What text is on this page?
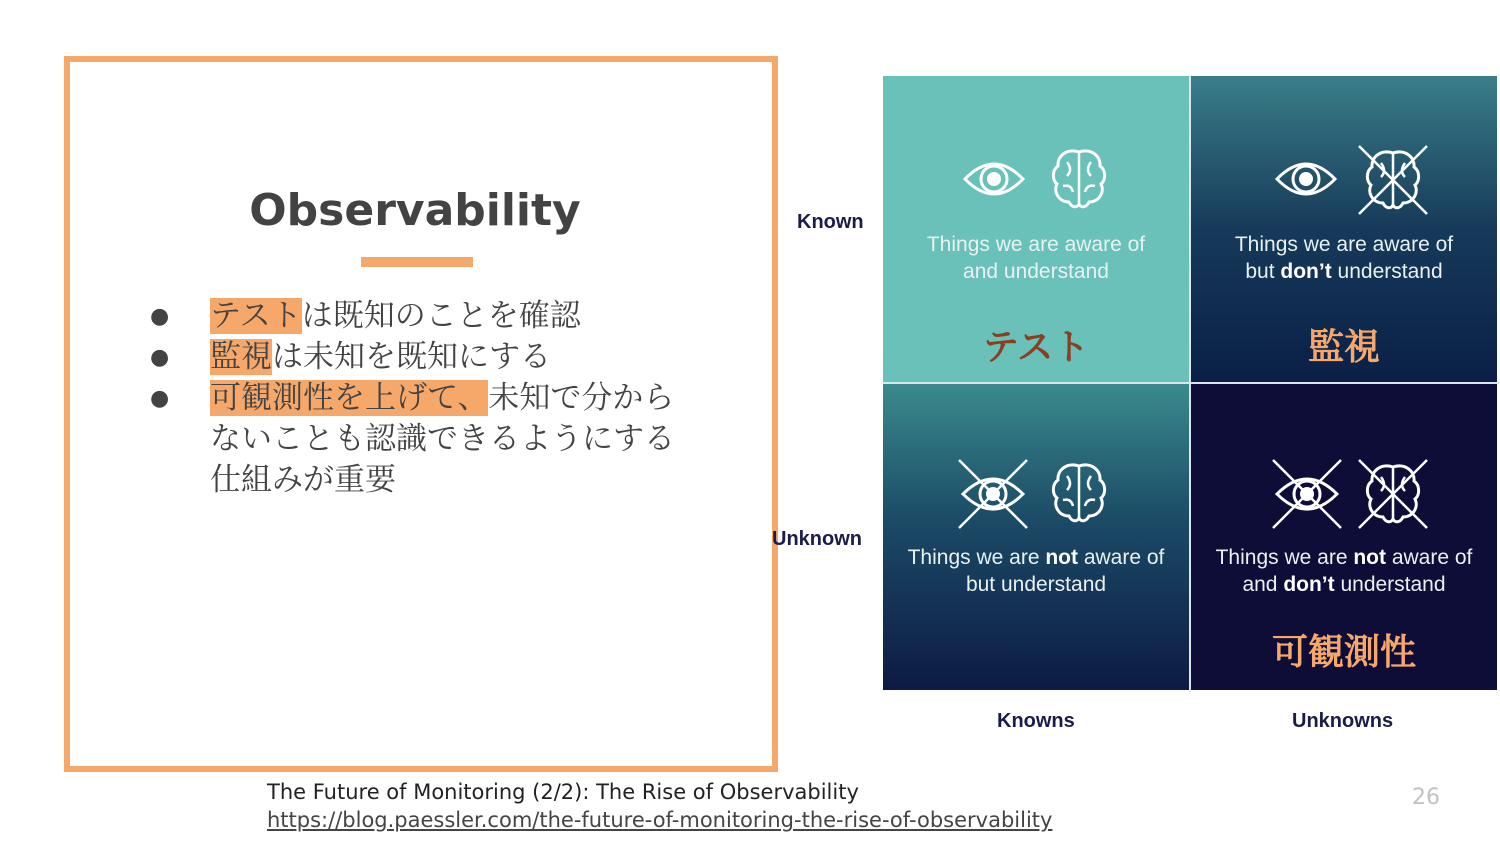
Observability
● テストは既知のことを確認
● 監視は未知を既知にする
● 可観測性を上げて、未知で分からないことも認識できるようにする仕組みが重要
Known
Unknown
Knowns	Unknowns
Things we are aware of
and understand
テスト
Things we are aware of
but don’t understand
監視
Things we are not aware of
but understand
Things we are not aware of
and don’t understand
可観測性
The Future of Monitoring (2/2): The Rise of Observability
https://blog.paessler.com/the-future-of-monitoring-the-rise-of-observability
26
